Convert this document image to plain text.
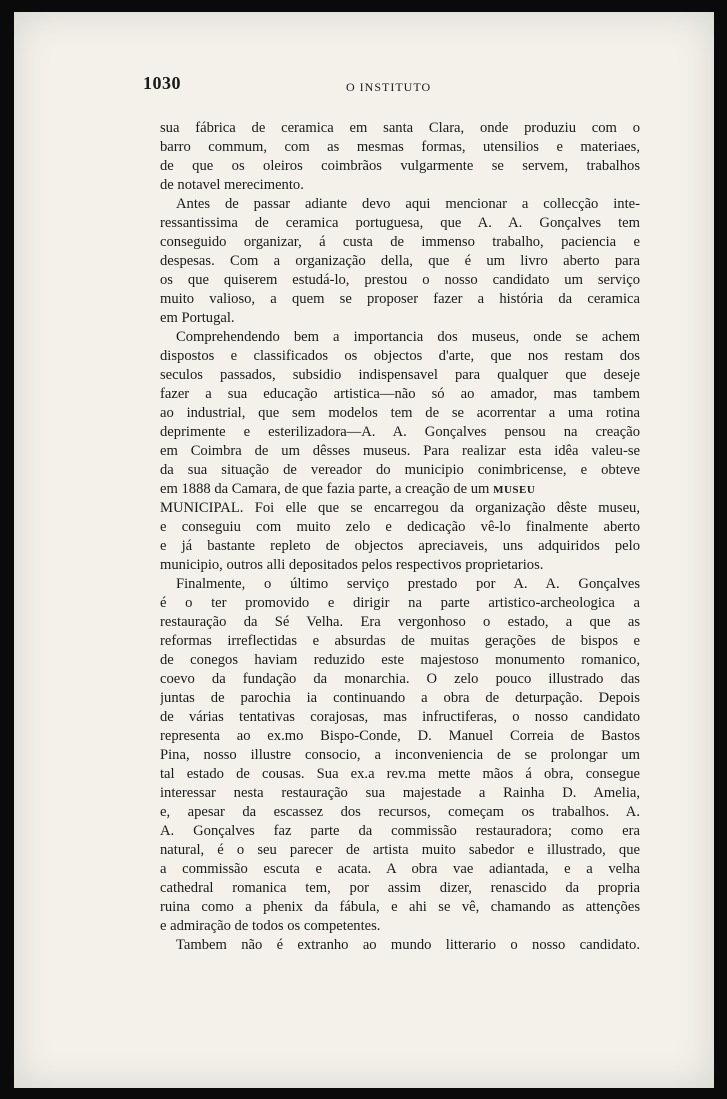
1030	O INSTITUTO
sua fábrica de ceramica em santa Clara, onde produziu com o
barro commum, com as mesmas formas, utensilios e materiaes,
de que os oleiros coimbrãos vulgarmente se servem, trabalhos
de notavel merecimento.
Antes de passar adiante devo aqui mencionar a collecção inte-
ressantissima de ceramica portuguesa, que A. A. Gonçalves tem
conseguido organizar, á custa de immenso trabalho, paciencia e
despesas. Com a organização della, que é um livro aberto para
os que quiserem estudá-lo, prestou o nosso candidato um serviço
muito valioso, a quem se proposer fazer a história da ceramica
em Portugal.
Comprehendendo bem a importancia dos museus, onde se achem
dispostos e classificados os objectos d'arte, que nos restam dos
seculos passados, subsidio indispensavel para qualquer que deseje
fazer a sua educação artistica—não só ao amador, mas tambem
ao industrial, que sem modelos tem de se acorrentar a uma rotina
deprimente e esterilizadora—A. A. Gonçalves pensou na creação
em Coimbra de um dêsses museus. Para realizar esta idêa valeu-se
da sua situação de vereador do municipio conimbricense, e obteve
em 1888 da Camara, de que fazia parte, a creação de um MUSEU
MUNICIPAL. Foi elle que se encarregou da organização dêste museu,
e conseguiu com muito zelo e dedicação vê-lo finalmente aberto
e já bastante repleto de objectos apreciaveis, uns adquiridos pelo
municipio, outros alli depositados pelos respectivos proprietarios.
Finalmente, o último serviço prestado por A. A. Gonçalves
é o ter promovido e dirigir na parte artistico-archeologica a
restauração da Sé Velha. Era vergonhoso o estado, a que as
reformas irreflectidas e absurdas de muitas gerações de bispos e
de conegos haviam reduzido este majestoso monumento romanico,
coevo da fundação da monarchia. O zelo pouco illustrado das
juntas de parochia ia continuando a obra de deturpação. Depois
de várias tentativas corajosas, mas infructiferas, o nosso candidato
representa ao ex.mo Bispo-Conde, D. Manuel Correia de Bastos
Pina, nosso illustre consocio, a inconveniencia de se prolongar um
tal estado de cousas. Sua ex.a rev.ma mette mãos á obra, consegue
interessar nesta restauração sua majestade a Rainha D. Amelia,
e, apesar da escassez dos recursos, começam os trabalhos. A.
A. Gonçalves faz parte da commissão restauradora; como era
natural, é o seu parecer de artista muito sabedor e illustrado, que
a commissão escuta e acata. A obra vae adiantada, e a velha
cathedral romanica tem, por assim dizer, renascido da propria
ruina como a phenix da fábula, e ahi se vê, chamando as attenções
e admiração de todos os competentes.
Tambem não é extranho ao mundo litterario o nosso candidato.
